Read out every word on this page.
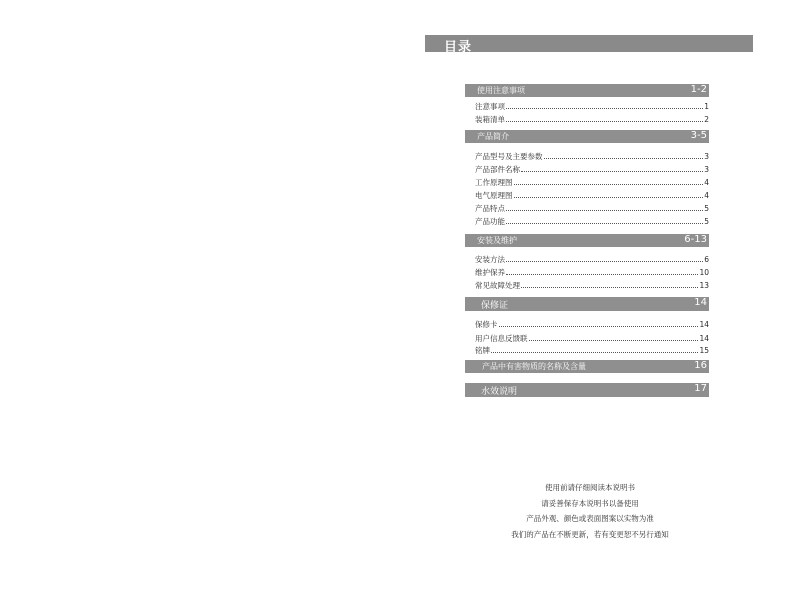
目录
使用注意事项	1-2
注意事项	1
装箱清单	2
产品简介	3-5
产品型号及主要参数	3
产品部件名称	3
工作原理图	4
电气原理图	4
产品特点	5
产品功能	5
安装及维护	6-13
安装方法	6
维护保养	10
常见故障处理	13
保修证	14
保修卡	14
用户信息反馈联	14
铭牌	15
产品中有害物质的名称及含量	16
水效说明	17
使用前请仔细阅读本说明书
请妥善保存本说明书以备使用
产品外观、颜色或表面图案以实物为准
我们的产品在不断更新，若有变更恕不另行通知
